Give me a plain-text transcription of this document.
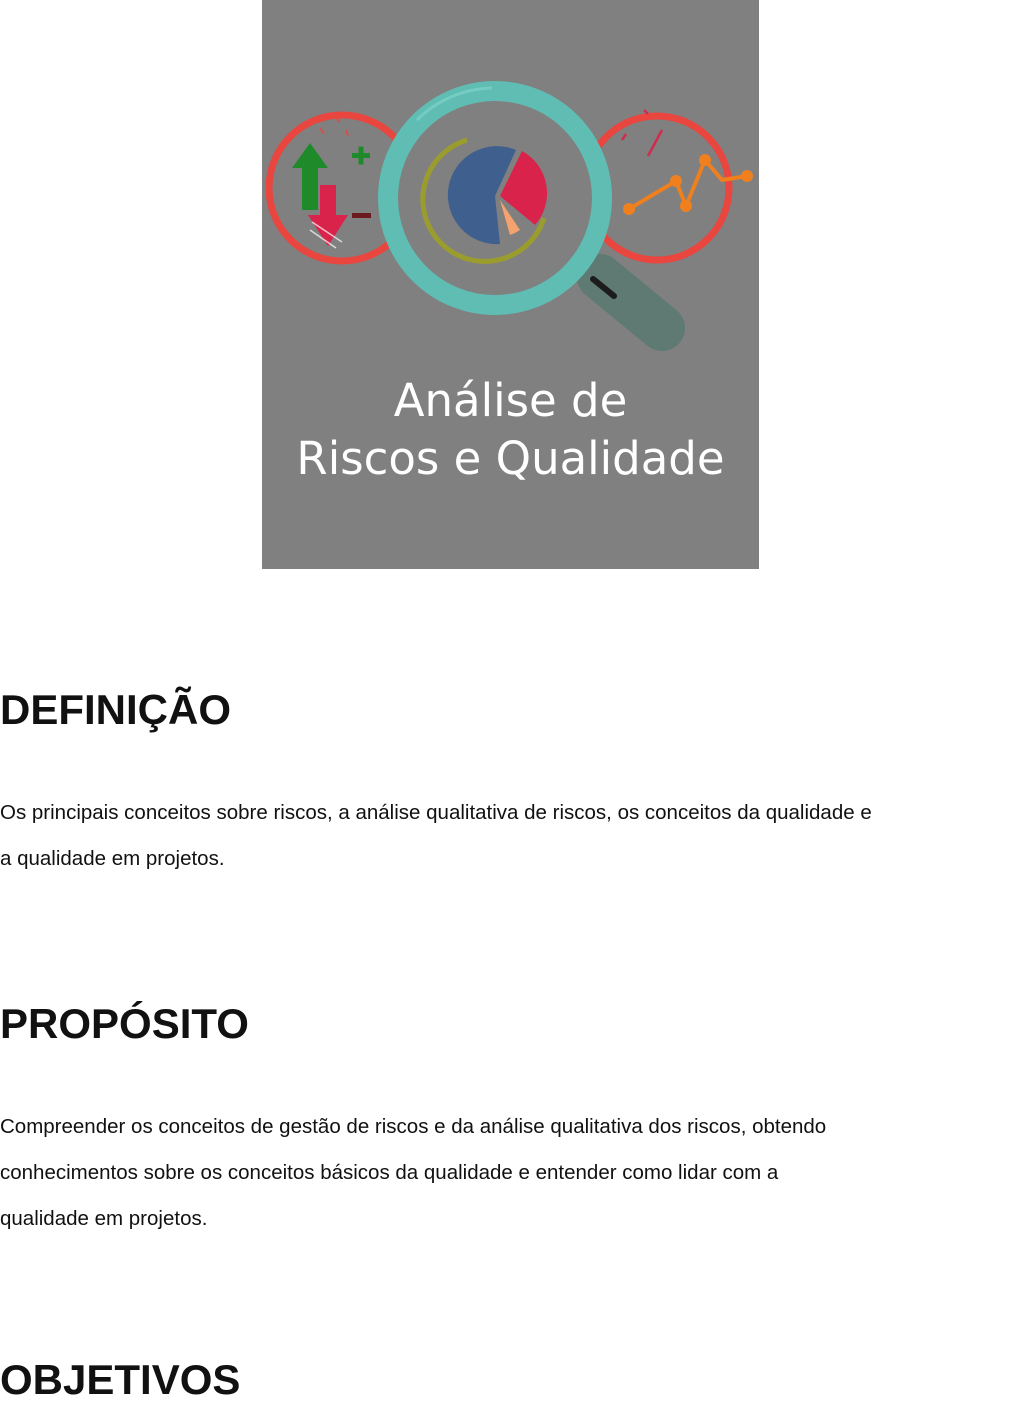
Análise de
Riscos e Qualidade
DEFINIÇÃO

Os principais conceitos sobre riscos, a análise qualitativa de riscos, os conceitos da qualidade e
a qualidade em projetos.

PROPÓSITO

Compreender os conceitos de gestão de riscos e da análise qualitativa dos riscos, obtendo
conhecimentos sobre os conceitos básicos da qualidade e entender como lidar com a
qualidade em projetos.

OBJETIVOS
